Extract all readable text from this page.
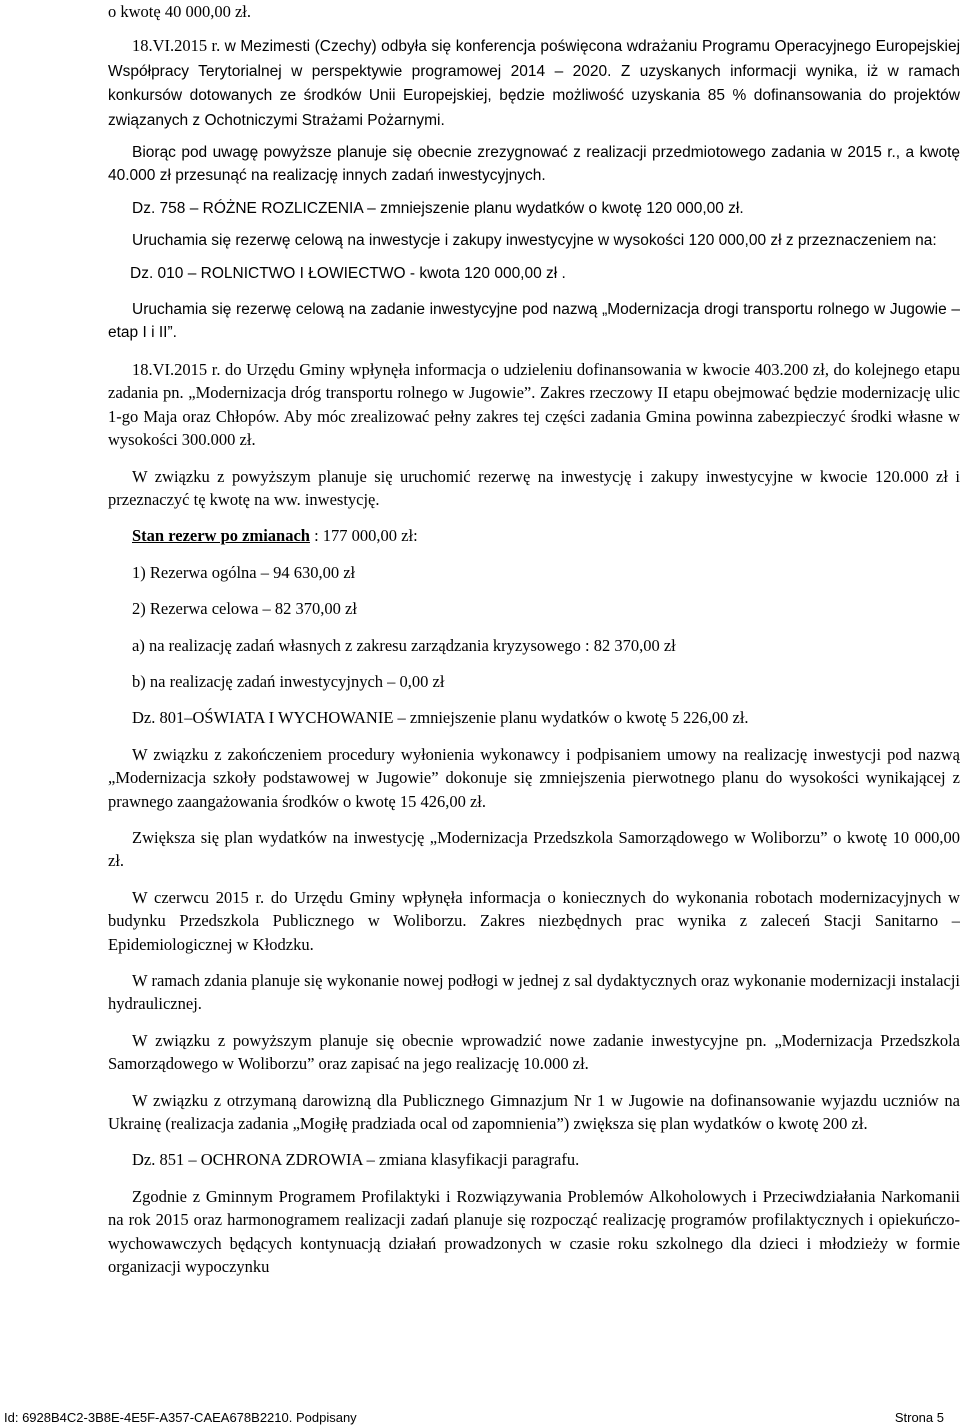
o kwotę 40 000,00 zł.

18.VI.2015 r. w Mezimesti (Czechy) odbyła się konferencja poświęcona wdrażaniu Programu Operacyjnego Europejskiej Współpracy Terytorialnej w perspektywie programowej 2014 – 2020. Z uzyskanych informacji wynika, iż w ramach konkursów dotowanych ze środków Unii Europejskiej, będzie możliwość uzyskania 85 % dofinansowania do projektów związanych z Ochotniczymi Strażami Pożarnymi.

Biorąc pod uwagę powyższe planuje się obecnie zrezygnować z realizacji przedmiotowego zadania w 2015 r., a kwotę 40.000 zł przesunąć na realizację innych zadań inwestycyjnych.

Dz. 758 – RÓŻNE ROZLICZENIA – zmniejszenie planu wydatków o kwotę 120 000,00 zł.

Uruchamia się rezerwę celową na inwestycje i zakupy inwestycyjne w wysokości 120 000,00 zł z przeznaczeniem na:

Dz. 010 – ROLNICTWO I ŁOWIECTWO - kwota 120 000,00 zł .

Uruchamia się rezerwę celową na zadanie inwestycyjne pod nazwą „Modernizacja drogi transportu rolnego w Jugowie – etap I i II”.

18.VI.2015 r. do Urzędu Gminy wpłynęła informacja o udzieleniu dofinansowania w kwocie 403.200 zł, do kolejnego etapu zadania pn. „Modernizacja dróg transportu rolnego w Jugowie”. Zakres rzeczowy II etapu obejmować będzie modernizację ulic 1-go Maja oraz Chłopów. Aby móc zrealizować pełny zakres tej części zadania Gmina powinna zabezpieczyć środki własne w wysokości 300.000 zł.

W związku z powyższym planuje się uruchomić rezerwę na inwestycję i zakupy inwestycyjne w kwocie 120.000 zł i przeznaczyć tę kwotę na ww. inwestycję.

Stan rezerw po zmianach : 177 000,00 zł:

1) Rezerwa ogólna – 94 630,00 zł

2) Rezerwa celowa – 82 370,00 zł

a) na realizację zadań własnych z zakresu zarządzania kryzysowego : 82 370,00 zł

b) na realizację zadań inwestycyjnych – 0,00 zł

Dz. 801–OŚWIATA I WYCHOWANIE – zmniejszenie planu wydatków o kwotę 5 226,00 zł.

W związku z zakończeniem procedury wyłonienia wykonawcy i podpisaniem umowy na realizację inwestycji pod nazwą „Modernizacja szkoły podstawowej w Jugowie” dokonuje się zmniejszenia pierwotnego planu do wysokości wynikającej z prawnego zaangażowania środków o kwotę 15 426,00 zł.

Zwiększa się plan wydatków na inwestycję „Modernizacja Przedszkola Samorządowego w Woliborzu” o kwotę 10 000,00 zł.

W czerwcu 2015 r. do Urzędu Gminy wpłynęła informacja o koniecznych do wykonania robotach modernizacyjnych w budynku Przedszkola Publicznego w Woliborzu. Zakres niezbędnych prac wynika z zaleceń Stacji Sanitarno – Epidemiologicznej w Kłodzku.

W ramach zdania planuje się wykonanie nowej podłogi w jednej z sal dydaktycznych oraz wykonanie modernizacji instalacji hydraulicznej.

W związku z powyższym planuje się obecnie wprowadzić nowe zadanie inwestycyjne pn. „Modernizacja Przedszkola Samorządowego w Woliborzu” oraz zapisać na jego realizację 10.000 zł.

W związku z otrzymaną darowizną dla Publicznego Gimnazjum Nr 1 w Jugowie na dofinansowanie wyjazdu uczniów na Ukrainę (realizacja zadania „Mogiłę pradziada ocal od zapomnienia”) zwiększa się plan wydatków o kwotę 200 zł.

Dz. 851 – OCHRONA ZDROWIA – zmiana klasyfikacji paragrafu.

Zgodnie z Gminnym Programem Profilaktyki i Rozwiązywania Problemów Alkoholowych i Przeciwdziałania Narkomanii na rok 2015 oraz harmonogramem realizacji zadań planuje się rozpocząć realizację programów profilaktycznych i opiekuńczo-wychowawczych będących kontynuacją działań prowadzonych w czasie roku szkolnego dla dzieci i młodzieży w formie organizacji wypoczynku

Id: 6928B4C2-3B8E-4E5F-A357-CAEA678B2210. Podpisany	Strona 5
